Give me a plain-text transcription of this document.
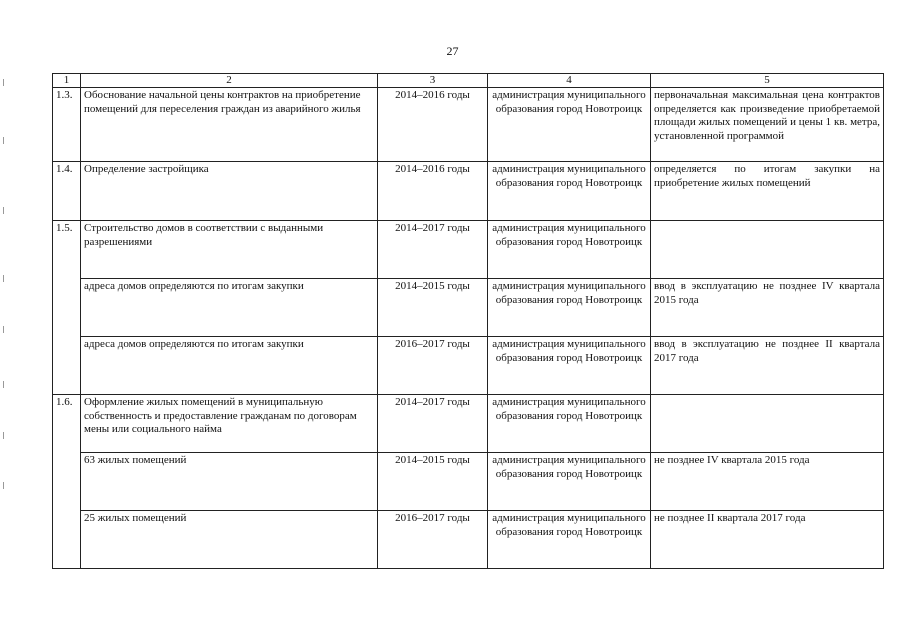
27
1	2	3	4	5
1.3.	Обоснование начальной цены контрактов на приобретение помещений для переселения граждан из аварийного жилья	2014–2016 годы	администрация муниципального образования город Новотроицк	первоначальная максимальная цена контрактов определяется как произведение приобретаемой площади жилых помещений и цены 1 кв. метра, установленной программой
1.4.	Определение застройщика	2014–2016 годы	администрация муниципального образования город Новотроицк	определяется по итогам закупки на приобретение жилых помещений
1.5.	Строительство домов в соответствии с выданными разрешениями	2014–2017 годы	администрация муниципального образования город Новотроицк	
	адреса домов определяются по итогам закупки	2014–2015 годы	администрация муниципального образования город Новотроицк	ввод в эксплуатацию не позднее IV квартала 2015 года
	адреса домов определяются по итогам закупки	2016–2017 годы	администрация муниципального образования город Новотроицк	ввод в эксплуатацию не позднее II квартала 2017 года
1.6.	Оформление жилых помещений в муниципальную собственность и предоставление гражданам по договорам мены или социального найма	2014–2017 годы	администрация муниципального образования город Новотроицк	
	63 жилых помещений	2014–2015 годы	администрация муниципального образования город Новотроицк	не позднее IV квартала 2015 года
	25 жилых помещений	2016–2017 годы	администрация муниципального образования город Новотроицк	не позднее II квартала 2017 года
